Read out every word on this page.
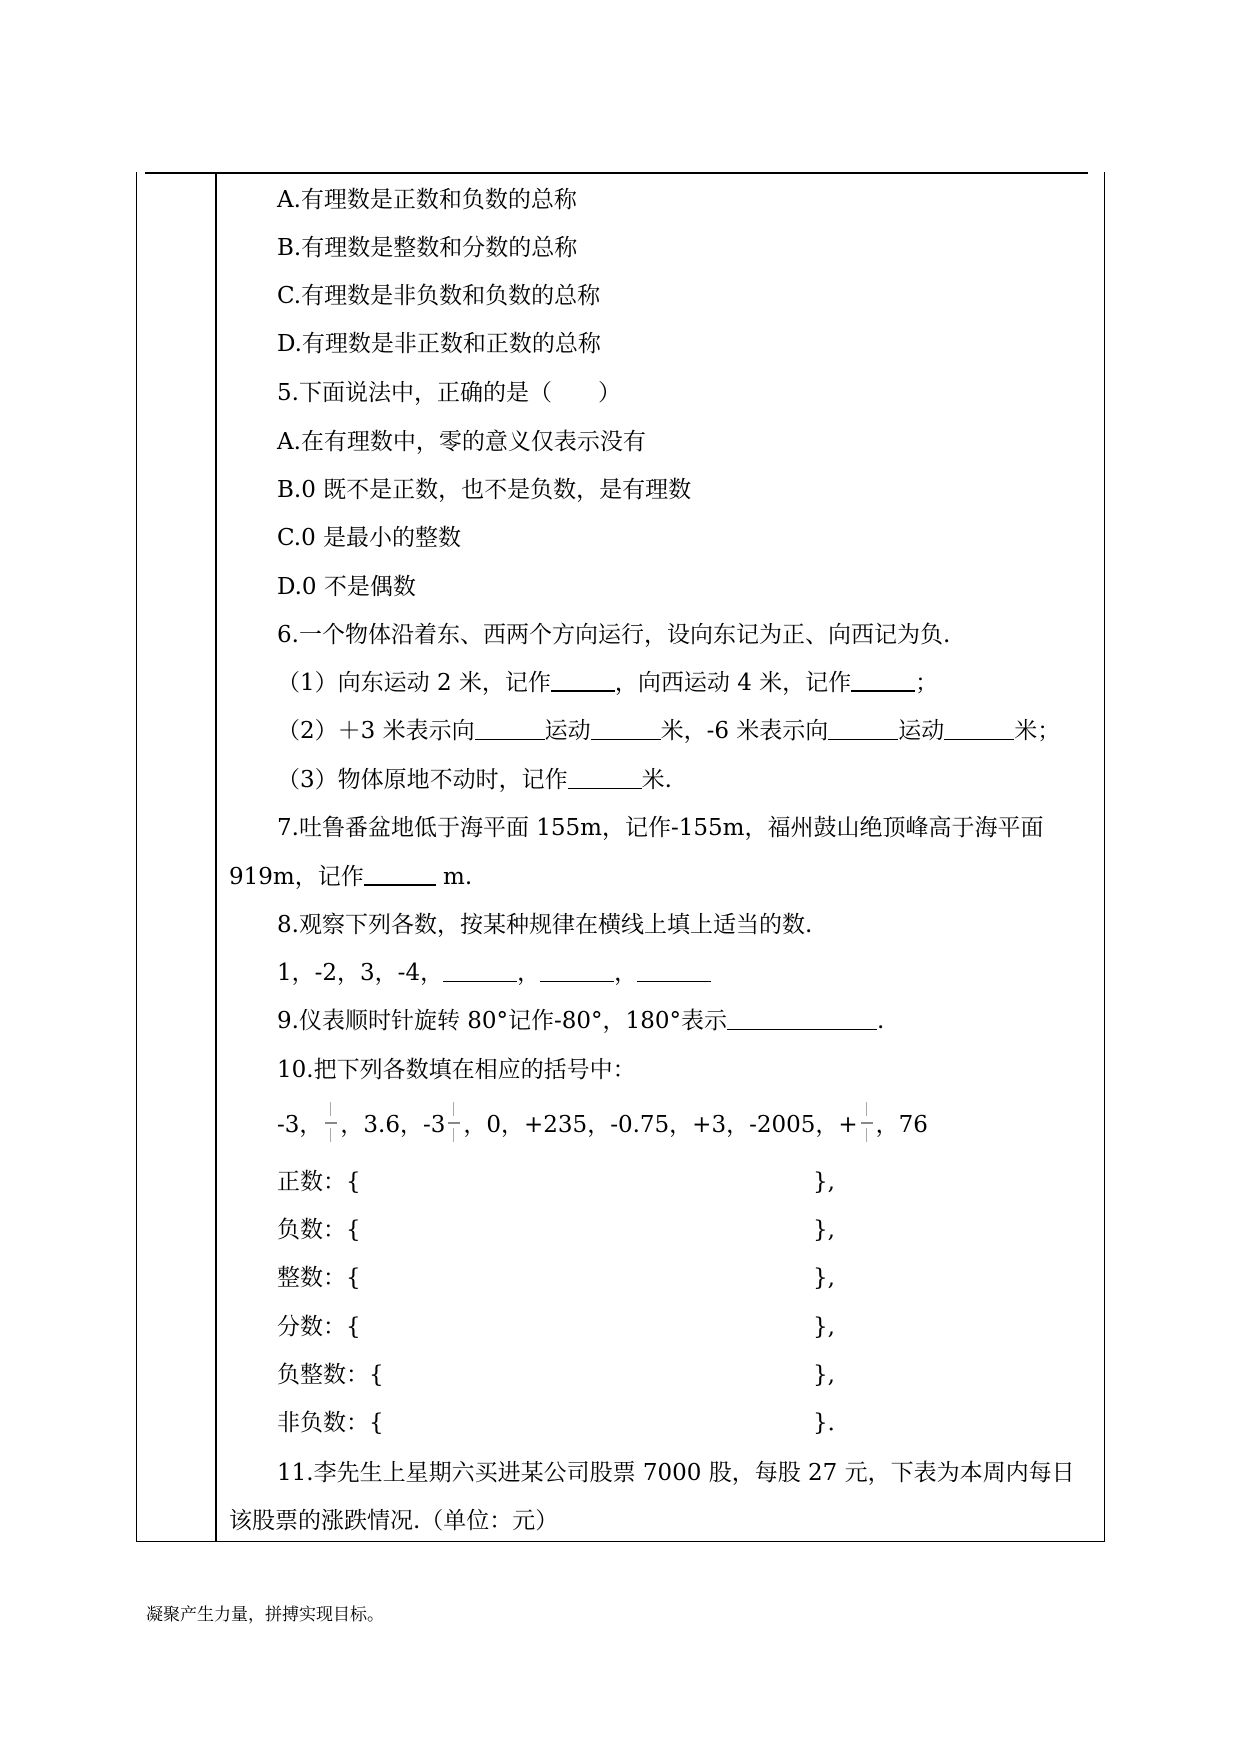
A.有理数是正数和负数的总称
B.有理数是整数和分数的总称
C.有理数是非负数和负数的总称
D.有理数是非正数和正数的总称
5.下面说法中，正确的是（　　）
A.在有理数中，零的意义仅表示没有
B.0 既不是正数，也不是负数，是有理数
C.0 是最小的整数
D.0 不是偶数
6.一个物体沿着东、西两个方向运行，设向东记为正、向西记为负.
（1）向东运动 2 米，记作	，向西运动 4 米，记作	；
（2）＋3 米表示向	运动	米，-6 米表示向	运动	米；
（3）物体原地不动时，记作	米.
7.吐鲁番盆地低于海平面 155m，记作-155m，福州鼓山绝顶峰高于海平面
919m，记作	m.
8.观察下列各数，按某种规律在横线上填上适当的数.
1，-2，3，-4，	，	，
9.仪表顺时针旋转 80°记作-80°，180°表示	.
10.把下列各数填在相应的括号中：
-3， ，3.6，-3 ，0，+235，-0.75，+3，-2005，+ ，76
正数：{	},
负数：{	},
整数：{	},
分数：{	},
负整数：{	},
非负数：{	}．
11.李先生上星期六买进某公司股票 7000 股，每股 27 元，下表为本周内每日
该股票的涨跌情况.（单位：元）
凝聚产生力量，拼搏实现目标。
